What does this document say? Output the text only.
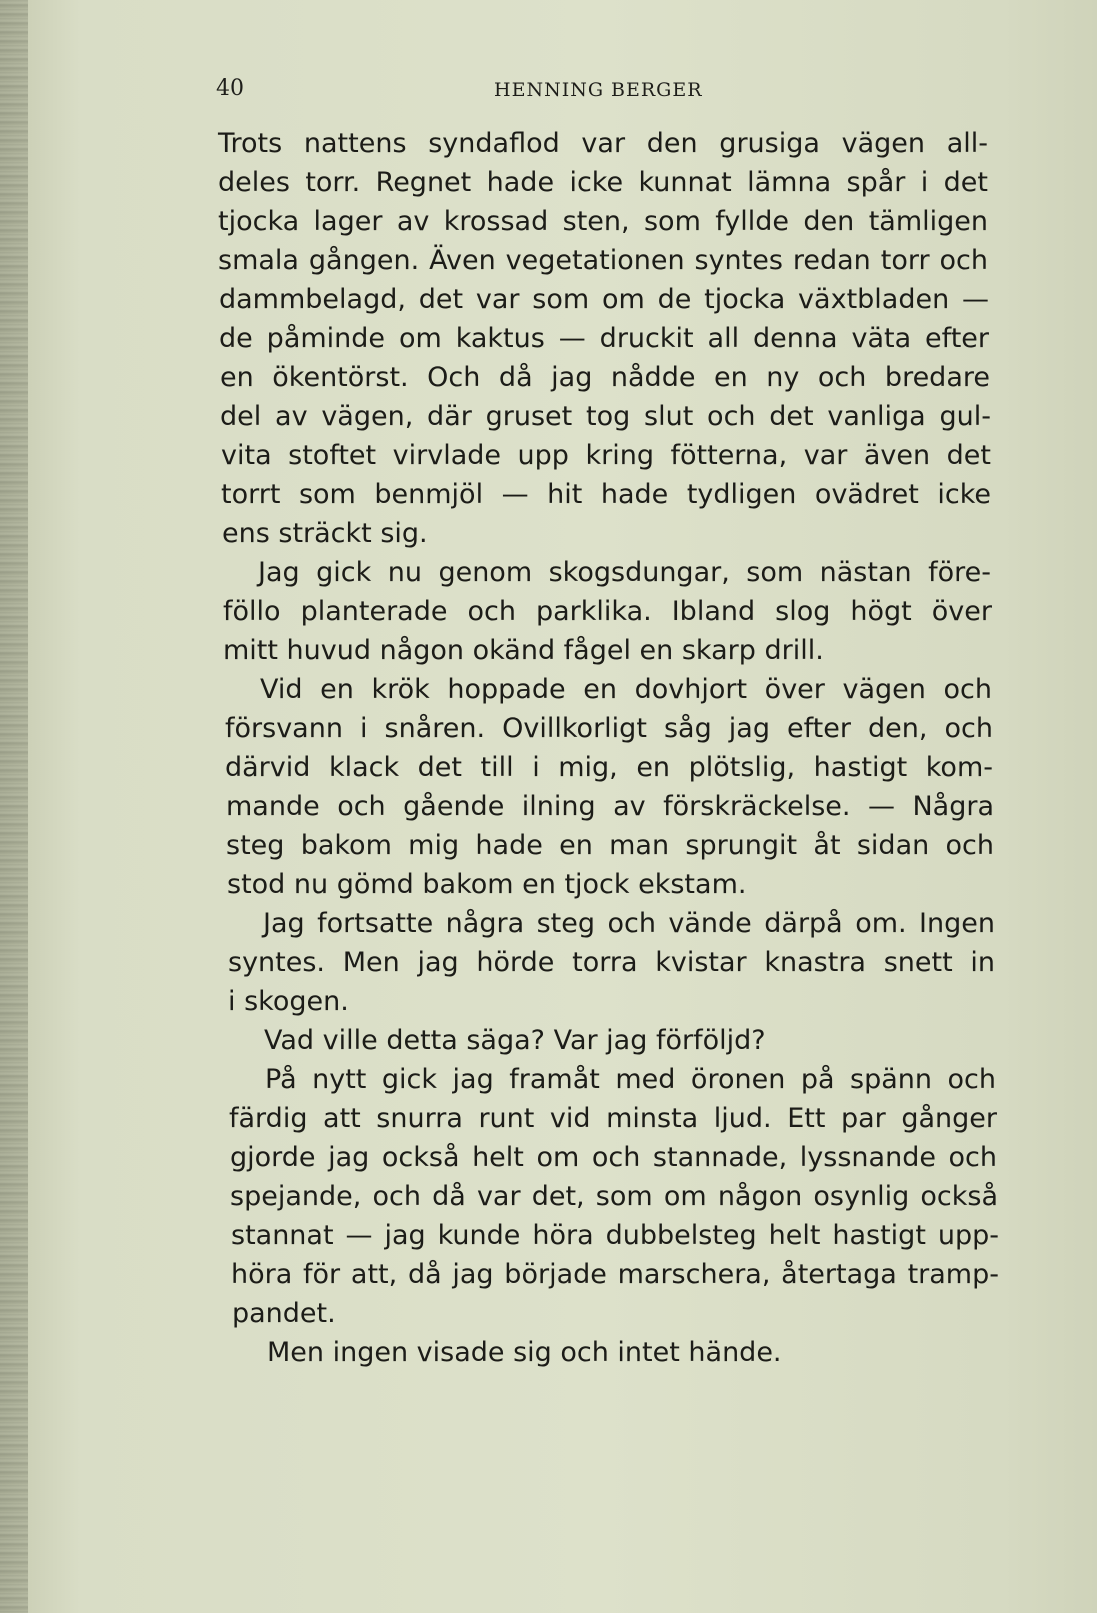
40	HENNING BERGER
Trots nattens syndaflod var den grusiga vägen all-
deles torr. Regnet hade icke kunnat lämna spår i det
tjocka lager av krossad sten, som fyllde den tämligen
smala gången. Även vegetationen syntes redan torr och
dammbelagd, det var som om de tjocka växtbladen —
de påminde om kaktus — druckit all denna väta efter
en ökentörst. Och då jag nådde en ny och bredare
del av vägen, där gruset tog slut och det vanliga gul-
vita stoftet virvlade upp kring fötterna, var även det
torrt som benmjöl — hit hade tydligen ovädret icke
ens sträckt sig.
Jag gick nu genom skogsdungar, som nästan före-
föllo planterade och parklika. Ibland slog högt över
mitt huvud någon okänd fågel en skarp drill.
Vid en krök hoppade en dovhjort över vägen och
försvann i snåren. Ovillkorligt såg jag efter den, och
därvid klack det till i mig, en plötslig, hastigt kom-
mande och gående ilning av förskräckelse. — Några
steg bakom mig hade en man sprungit åt sidan och
stod nu gömd bakom en tjock ekstam.
Jag fortsatte några steg och vände därpå om. Ingen
syntes. Men jag hörde torra kvistar knastra snett in
i skogen.
Vad ville detta säga? Var jag förföljd?
På nytt gick jag framåt med öronen på spänn och
färdig att snurra runt vid minsta ljud. Ett par gånger
gjorde jag också helt om och stannade, lyssnande och
spejande, och då var det, som om någon osynlig också
stannat — jag kunde höra dubbelsteg helt hastigt upp-
höra för att, då jag började marschera, återtaga tramp-
pandet.
Men ingen visade sig och intet hände.
